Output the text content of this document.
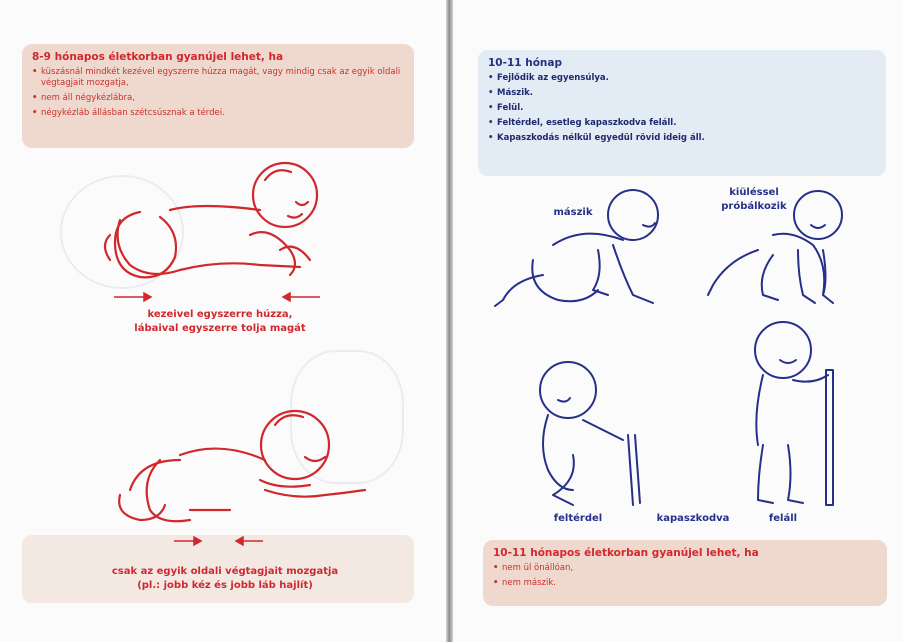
8-9 hónapos életkorban gyanújel lehet, ha
• küszásnál mindkét kezével egyszerre húzza magát, vagy mindig csak az egyik oldali végtagjait mozgatja,
• nem áll négykézlábra,
• négykézláb állásban szétcsúsznak a térdei.
kezeivel egyszerre húzza,
lábaival egyszerre tolja magát
csak az egyik oldali végtagjait mozgatja
(pl.: jobb kéz és jobb láb hajlít)
10-11 hónap
• Fejlődik az egyensúlya.
• Mászik.
• Felül.
• Feltérdel, esetleg kapaszkodva feláll.
• Kapaszkodás nélkül egyedül rövid ideig áll.
mászik
kiüléssel
próbálkozik
feltérdel	kapaszkodva	feláll
10-11 hónapos életkorban gyanújel lehet, ha
• nem ül önállóan,
• nem mászik.
